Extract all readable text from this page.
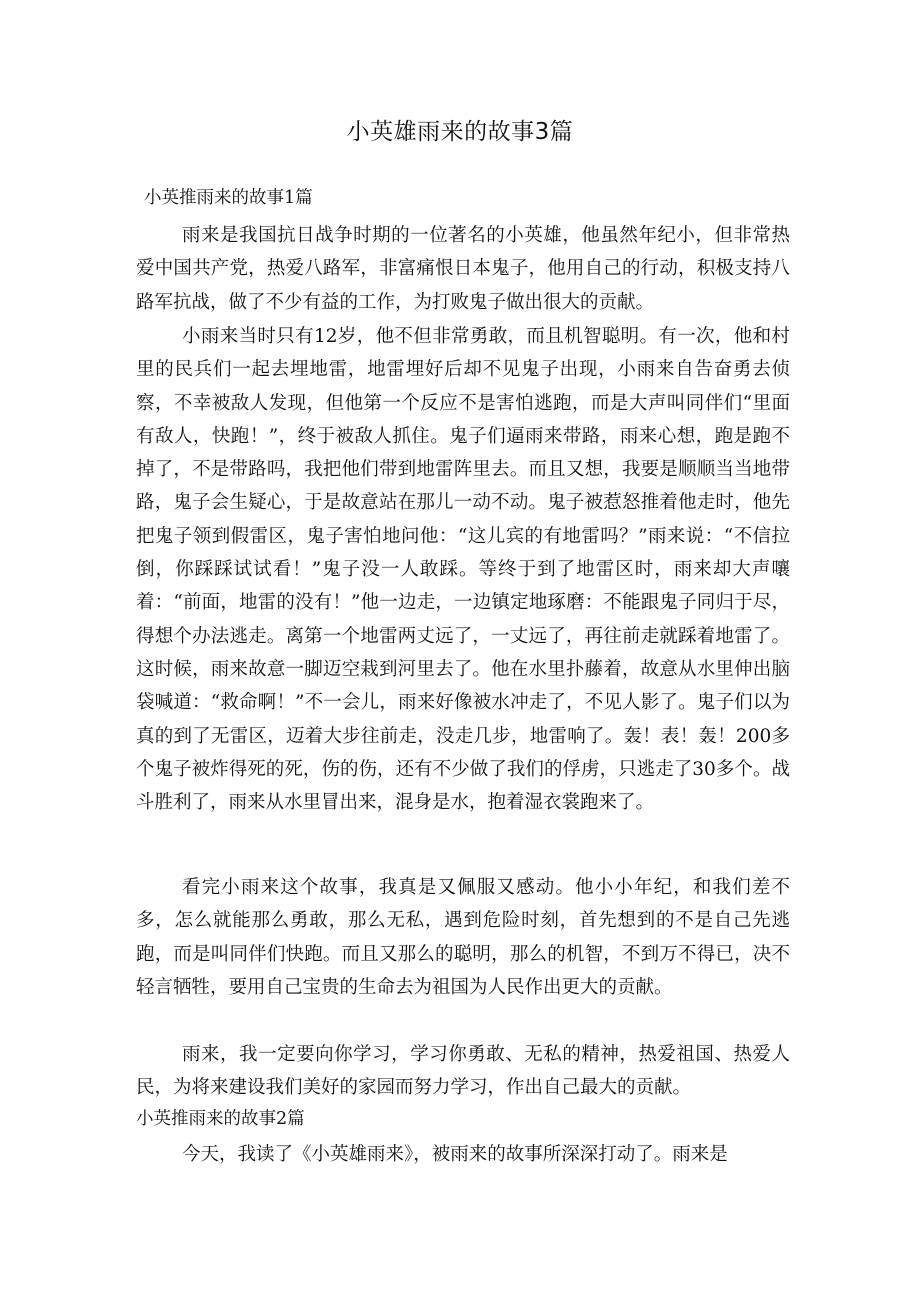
小英雄雨来的故事3篇
小英推雨来的故事1篇
雨来是我国抗日战争时期的一位著名的小英雄，他虽然年纪小，但非常热爱中国共产党，热爱八路军，非富痛恨日本鬼子，他用自己的行动，积极支持八路军抗战，做了不少有益的工作，为打败鬼子做出很大的贡献。
小雨来当时只有12岁，他不但非常勇敢，而且机智聪明。有一次，他和村里的民兵们一起去埋地雷，地雷埋好后却不见鬼子出现，小雨来自告奋勇去侦察，不幸被敌人发现，但他第一个反应不是害怕逃跑，而是大声叫同伴们“里面有敌人，快跑！”，终于被敌人抓住。鬼子们逼雨来带路，雨来心想，跑是跑不掉了，不是带路吗，我把他们带到地雷阵里去。而且又想，我要是顺顺当当地带路，鬼子会生疑心，于是故意站在那儿一动不动。鬼子被惹怒推着他走时，他先把鬼子领到假雷区，鬼子害怕地问他：“这儿宾的有地雷吗？”雨来说：“不信拉倒，你踩踩试试看！”鬼子没一人敢踩。等终于到了地雷区时，雨来却大声嚷着：“前面，地雷的没有！”他一边走，一边镇定地琢磨：不能跟鬼子同归于尽，得想个办法逃走。离第一个地雷两丈远了，一丈远了，再往前走就踩着地雷了。这时候，雨来故意一脚迈空栽到河里去了。他在水里扑藤着，故意从水里伸出脑袋喊道：“救命啊！”不一会儿，雨来好像被水冲走了，不见人影了。鬼子们以为真的到了无雷区，迈着大步往前走，没走几步，地雷响了。轰！表！轰！200多个鬼子被炸得死的死，伤的伤，还有不少做了我们的俘虏，只逃走了30多个。战斗胜利了，雨来从水里冒出来，混身是水，抱着湿衣裳跑来了。
看完小雨来这个故事，我真是又佩服又感动。他小小年纪，和我们差不多，怎么就能那么勇敢，那么无私，遇到危险时刻，首先想到的不是自己先逃跑，而是叫同伴们快跑。而且又那么的聪明，那么的机智，不到万不得已，决不轻言牺牲，要用自己宝贵的生命去为祖国为人民作出更大的贡献。
雨来，我一定要向你学习，学习你勇敢、无私的精神，热爱祖国、热爱人民，为将来建设我们美好的家园而努力学习，作出自己最大的贡献。
小英推雨来的故事2篇
今天，我读了《小英雄雨来》，被雨来的故事所深深打动了。雨来是
